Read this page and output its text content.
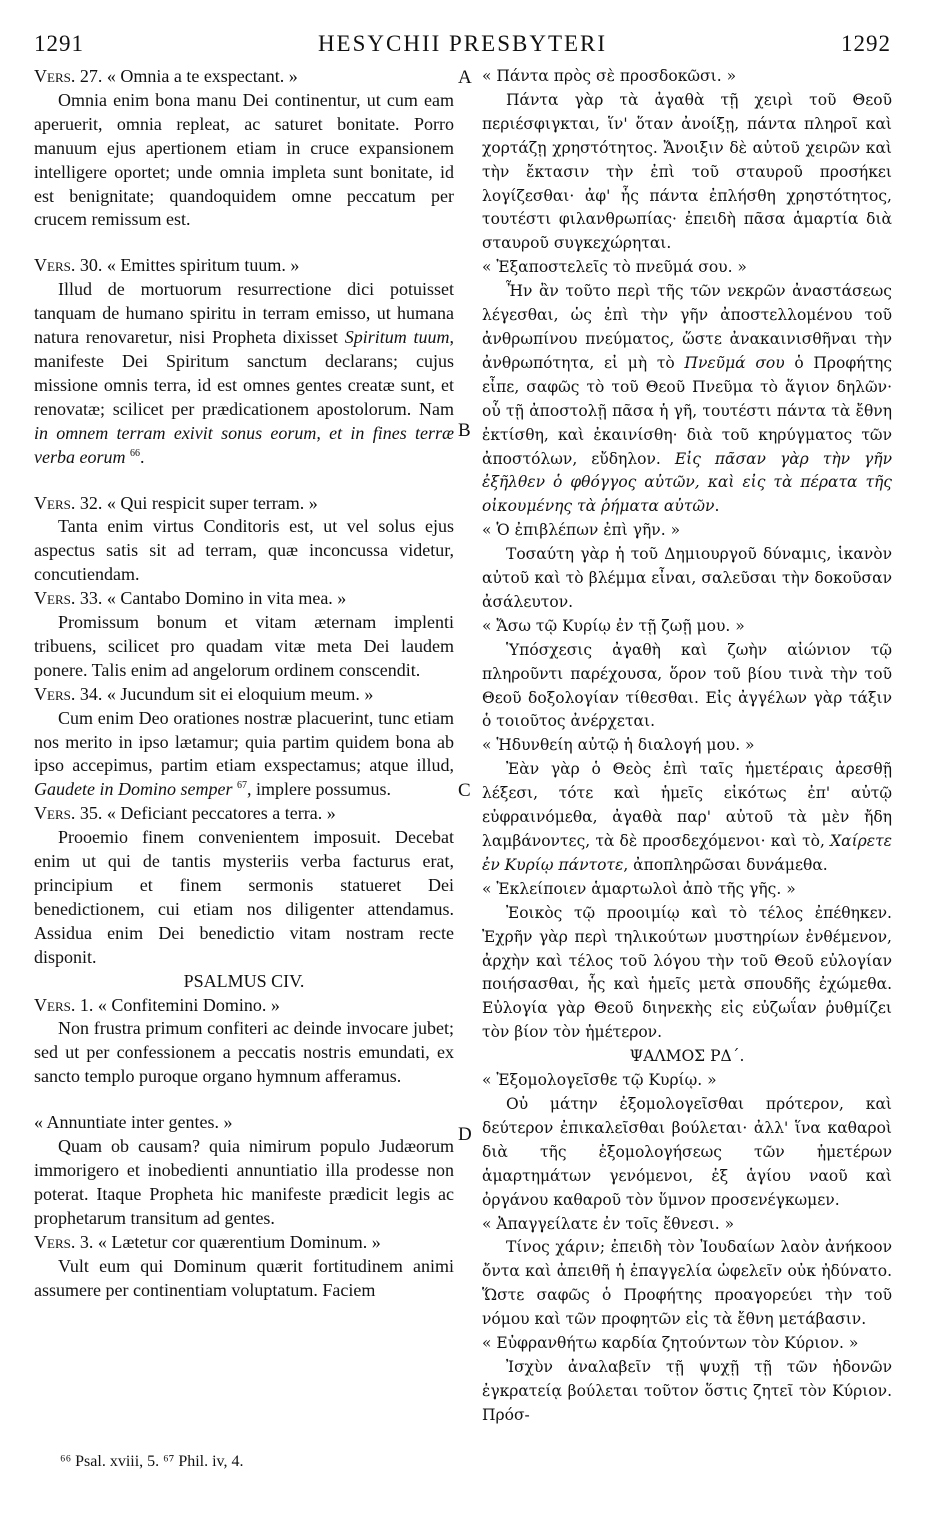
1291	HESYCHII PRESBYTERI	1292

Vers. 27. « Omnia a te exspectant. »

Omnia enim bona manu Dei continentur, ut cum eam aperuerit, omnia repleat, ac saturet bonitate. Porro manuum ejus apertionem etiam in cruce expansionem intelligere oportet; unde omnia impleta sunt bonitate, id est benignitate; quandoquidem omne peccatum per crucem remissum est.

Vers. 30. « Emittes spiritum tuum. »

Illud de mortuorum resurrectione dici potuisset tanquam de humano spiritu in terram emisso, ut humana natura renovaretur, nisi Propheta dixisset Spiritum tuum, manifeste Dei Spiritum sanctum declarans; cujus missione omnis terra, id est omnes gentes creatæ sunt, et renovatæ; scilicet per prædicationem apostolorum. Nam in omnem terram exivit sonus eorum, et in fines terræ verba eorum $^{66}$.

Vers. 32. « Qui respicit super terram. »

Tanta enim virtus Conditoris est, ut vel solus ejus aspectus satis sit ad terram, quæ inconcussa videtur, concutiendam.

Vers. 33. « Cantabo Domino in vita mea. »

Promissum bonum et vitam æternam implenti tribuens, scilicet pro quadam vitæ meta Dei laudem ponere. Talis enim ad angelorum ordinem conscendit.

Vers. 34. « Jucundum sit ei eloquium meum. »

Cum enim Deo orationes nostræ placuerint, tunc etiam nos merito in ipso lætamur; quia partim quidem bona ab ipso accepimus, partim etiam exspectamus; atque illud, Gaudete in Domino semper $^{67}$, implere possumus.

Vers. 35. « Deficiant peccatores a terra. »

Prooemio finem convenientem imposuit. Decebat enim ut qui de tantis mysteriis verba facturus erat, principium et finem sermonis statueret Dei benedictionem, cui etiam nos diligenter attendamus. Assidua enim Dei benedictio vitam nostram recte disponit.

PSALMUS CIV.

Vers. 1. « Confitemini Domino. »

Non frustra primum confiteri ac deinde invocare jubet; sed ut per confessionem a peccatis nostris emundati, ex sancto templo puroque organo hymnum afferamus.

« Annuntiate inter gentes. »

Quam ob causam? quia nimirum populo Judæorum immorigero et inobedienti annuntiatio illa prodesse non poterat. Itaque Propheta hic manifeste prædicit legis ac prophetarum transitum ad gentes.

Vers. 3. « Lætetur cor quærentium Dominum. »

Vult eum qui Dominum quærit fortitudinem animi assumere per continentiam voluptatum. Faciem

« Πάντα πρὸς σὲ προσδοκῶσι. »

Πάντα γὰρ τὰ ἀγαθὰ τῇ χειρὶ τοῦ Θεοῦ περιέσφιγκται, ἵν' ὅταν ἀνοίξῃ, πάντα πληροῖ καὶ χορτάζῃ χρηστότητος. Ἄνοιξιν δὲ αὐτοῦ χειρῶν καὶ τὴν ἔκτασιν τὴν ἐπὶ τοῦ σταυροῦ προσήκει λογίζεσθαι· ἀφ' ἧς πάντα ἐπλήσθη χρηστότητος, τουτέστι φιλανθρωπίας· ἐπειδὴ πᾶσα ἁμαρτία διὰ σταυροῦ συγκεχώρηται.

« Ἐξαποστελεῖς τὸ πνεῦμά σου. »

Ἦν ἂν τοῦτο περὶ τῆς τῶν νεκρῶν ἀναστάσεως λέγεσθαι, ὡς ἐπὶ τὴν γῆν ἀποστελλομένου τοῦ ἀνθρωπίνου πνεύματος, ὥστε ἀνακαινισθῆναι τὴν ἀνθρωπότητα, εἰ μὴ τὸ Πνεῦμά σου ὁ Προφήτης εἶπε, σαφῶς τὸ τοῦ Θεοῦ Πνεῦμα τὸ ἅγιον δηλῶν· οὗ τῇ ἀποστολῇ πᾶσα ἡ γῆ, τουτέστι πάντα τὰ ἔθνη ἐκτίσθη, καὶ ἐκαινίσθη· διὰ τοῦ κηρύγματος τῶν ἀποστόλων, εὔδηλον. Εἰς πᾶσαν γὰρ τὴν γῆν ἐξῆλθεν ὁ φθόγγος αὐτῶν, καὶ εἰς τὰ πέρατα τῆς οἰκουμένης τὰ ῥήματα αὐτῶν.

« Ὁ ἐπιβλέπων ἐπὶ γῆν. »

Τοσαύτη γὰρ ἡ τοῦ Δημιουργοῦ δύναμις, ἱκανὸν αὐτοῦ καὶ τὸ βλέμμα εἶναι, σαλεῦσαι τὴν δοκοῦσαν ἀσάλευτον.

« Ἄσω τῷ Κυρίῳ ἐν τῇ ζωῇ μου. »

Ὑπόσχεσις ἀγαθὴ καὶ ζωὴν αἰώνιον τῷ πληροῦντι παρέχουσα, ὅρον τοῦ βίου τινὰ τὴν τοῦ Θεοῦ δοξολογίαν τίθεσθαι. Εἰς ἀγγέλων γὰρ τάξιν ὁ τοιοῦτος ἀνέρχεται.

« Ἡδυνθείη αὐτῷ ἡ διαλογή μου. »

Ἐὰν γὰρ ὁ Θεὸς ἐπὶ ταῖς ἡμετέραις ἀρεσθῇ λέξεσι, τότε καὶ ἡμεῖς εἰκότως ἐπ' αὐτῷ εὐφραινόμεθα, ἀγαθὰ παρ' αὐτοῦ τὰ μὲν ἤδη λαμβάνοντες, τὰ δὲ προσδεχόμενοι· καὶ τὸ, Χαίρετε ἐν Κυρίῳ πάντοτε, ἀποπληρῶσαι δυνάμεθα.

« Ἐκλείποιεν ἁμαρτωλοὶ ἀπὸ τῆς γῆς. »

Ἐοικὸς τῷ προοιμίῳ καὶ τὸ τέλος ἐπέθηκεν. Ἐχρῆν γὰρ περὶ τηλικούτων μυστηρίων ἐνθέμενον, ἀρχὴν καὶ τέλος τοῦ λόγου τὴν τοῦ Θεοῦ εὐλογίαν ποιήσασθαι, ἧς καὶ ἡμεῖς μετὰ σπουδῆς ἐχώμεθα. Εὐλογία γὰρ Θεοῦ διηνεκὴς εἰς εὐζωΐαν ῥυθμίζει τὸν βίον τὸν ἡμέτερον.

ΨΑΛΜΟΣ ΡΔ΄.

« Ἐξομολογεῖσθε τῷ Κυρίῳ. »

Οὐ μάτην ἐξομολογεῖσθαι πρότερον, καὶ δεύτερον ἐπικαλεῖσθαι βούλεται· ἀλλ' ἵνα καθαροὶ διὰ τῆς ἐξομολογήσεως τῶν ἡμετέρων ἁμαρτημάτων γενόμενοι, ἐξ ἁγίου ναοῦ καὶ ὀργάνου καθαροῦ τὸν ὕμνον προσενέγκωμεν.

« Ἀπαγγείλατε ἐν τοῖς ἔθνεσι. »

Τίνος χάριν; ἐπειδὴ τὸν Ἰουδαίων λαὸν ἀνήκοον ὄντα καὶ ἀπειθῆ ἡ ἐπαγγελία ὠφελεῖν οὐκ ἠδύνατο. Ὥστε σαφῶς ὁ Προφήτης προαγορεύει τὴν τοῦ νόμου καὶ τῶν προφητῶν εἰς τὰ ἔθνη μετάβασιν.

« Εὐφρανθήτω καρδία ζητούντων τὸν Κύριον. »

Ἰσχὺν ἀναλαβεῖν τῇ ψυχῇ τῇ τῶν ἡδονῶν ἐγκρατείᾳ βούλεται τοῦτον ὅστις ζητεῖ τὸν Κύριον. Πρόσ-

A
B
C
D
⁶⁶ Psal. xviii, 5. ⁶⁷ Phil. iv, 4.
